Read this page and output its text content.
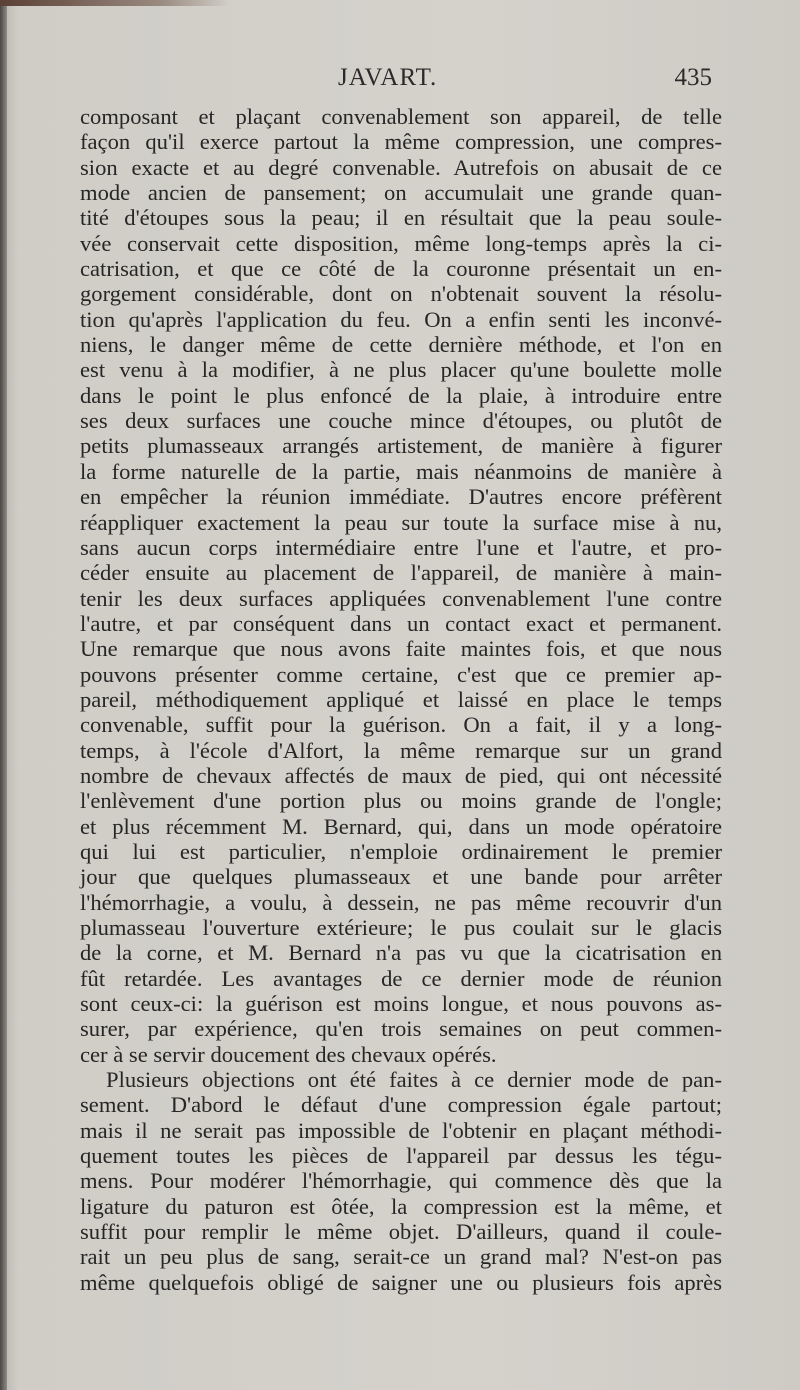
JAVART.	435
composant et plaçant convenablement son appareil, de telle
façon qu'il exerce partout la même compression, une compres-
sion exacte et au degré convenable. Autrefois on abusait de ce
mode ancien de pansement; on accumulait une grande quan-
tité d'étoupes sous la peau; il en résultait que la peau soule-
vée conservait cette disposition, même long-temps après la ci-
catrisation, et que ce côté de la couronne présentait un en-
gorgement considérable, dont on n'obtenait souvent la résolu-
tion qu'après l'application du feu. On a enfin senti les inconvé-
niens, le danger même de cette dernière méthode, et l'on en
est venu à la modifier, à ne plus placer qu'une boulette molle
dans le point le plus enfoncé de la plaie, à introduire entre
ses deux surfaces une couche mince d'étoupes, ou plutôt de
petits plumasseaux arrangés artistement, de manière à figurer
la forme naturelle de la partie, mais néanmoins de manière à
en empêcher la réunion immédiate. D'autres encore préfèrent
réappliquer exactement la peau sur toute la surface mise à nu,
sans aucun corps intermédiaire entre l'une et l'autre, et pro-
céder ensuite au placement de l'appareil, de manière à main-
tenir les deux surfaces appliquées convenablement l'une contre
l'autre, et par conséquent dans un contact exact et permanent.
Une remarque que nous avons faite maintes fois, et que nous
pouvons présenter comme certaine, c'est que ce premier ap-
pareil, méthodiquement appliqué et laissé en place le temps
convenable, suffit pour la guérison. On a fait, il y a long-
temps, à l'école d'Alfort, la même remarque sur un grand
nombre de chevaux affectés de maux de pied, qui ont nécessité
l'enlèvement d'une portion plus ou moins grande de l'ongle;
et plus récemment M. Bernard, qui, dans un mode opératoire
qui lui est particulier, n'emploie ordinairement le premier
jour que quelques plumasseaux et une bande pour arrêter
l'hémorrhagie, a voulu, à dessein, ne pas même recouvrir d'un
plumasseau l'ouverture extérieure; le pus coulait sur le glacis
de la corne, et M. Bernard n'a pas vu que la cicatrisation en
fût retardée. Les avantages de ce dernier mode de réunion
sont ceux-ci: la guérison est moins longue, et nous pouvons as-
surer, par expérience, qu'en trois semaines on peut commen-
cer à se servir doucement des chevaux opérés.
Plusieurs objections ont été faites à ce dernier mode de pan-
sement. D'abord le défaut d'une compression égale partout;
mais il ne serait pas impossible de l'obtenir en plaçant méthodi-
quement toutes les pièces de l'appareil par dessus les tégu-
mens. Pour modérer l'hémorrhagie, qui commence dès que la
ligature du paturon est ôtée, la compression est la même, et
suffit pour remplir le même objet. D'ailleurs, quand il coule-
rait un peu plus de sang, serait-ce un grand mal? N'est-on pas
même quelquefois obligé de saigner une ou plusieurs fois après
